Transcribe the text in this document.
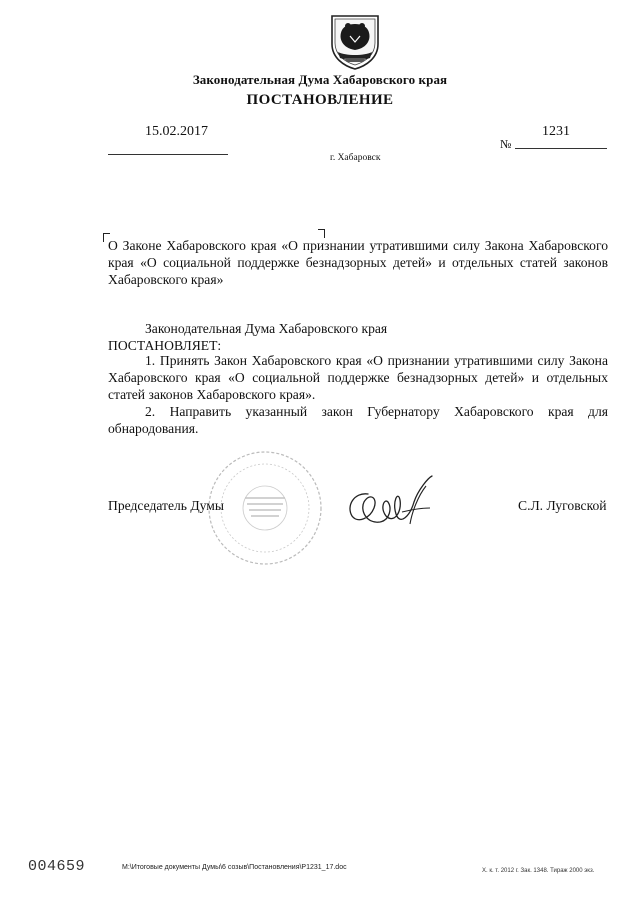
Законодательная Дума Хабаровского края
ПОСТАНОВЛЕНИЕ
15.02.2017	1231
№
г. Хабаровск
О Законе Хабаровского края «О признании утратившими силу Закона Хабаровского края «О социальной поддержке безнадзорных детей» и отдельных статей законов Хабаровского края»
Законодательная Дума Хабаровского края
ПОСТАНОВЛЯЕТ:
1. Принять Закон Хабаровского края «О признании утратившими силу Закона Хабаровского края «О социальной поддержке безнадзорных детей» и отдельных статей законов Хабаровского края».
2. Направить указанный закон Губернатору Хабаровского края для обнародования.
Председатель Думы	С.Л. Луговской
004659	M:\Итоговые документы Думы\6 созыв\Постановления\P1231_17.doc	Х. к. т. 2012 г. Зак. 1348. Тираж 2000 экз.
